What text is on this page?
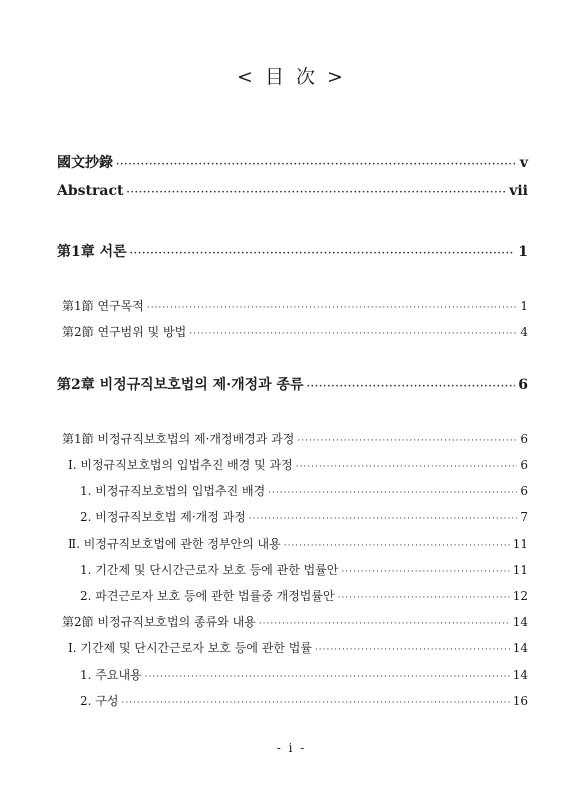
< 目 次 >
國文抄錄 ·····	v
Abstract ·····	vii
第1章 서론 ·····	1
第1節 연구목적 ·····	1
第2節 연구범위 및 방법 ·····	4
第2章 비정규직보호법의 제·개정과 종류 ·····	6
第1節 비정규직보호법의 제·개정배경과 과정 ·····	6
Ⅰ. 비정규직보호법의 입법추진 배경 및 과정 ·····	6
1. 비정규직보호법의 입법추진 배경 ·····	6
2. 비정규직보호법 제·개정 과정 ·····	7
Ⅱ. 비정규직보호법에 관한 정부안의 내용 ·····	11
1. 기간제 및 단시간근로자 보호 등에 관한 법률안 ·····	11
2. 파견근로자 보호 등에 관한 법률중 개정법률안 ·····	12
第2節 비정규직보호법의 종류와 내용 ·····	14
Ⅰ. 기간제 및 단시간근로자 보호 등에 관한 법률 ·····	14
1. 주요내용 ·····	14
2. 구성 ·····	16
- i -
